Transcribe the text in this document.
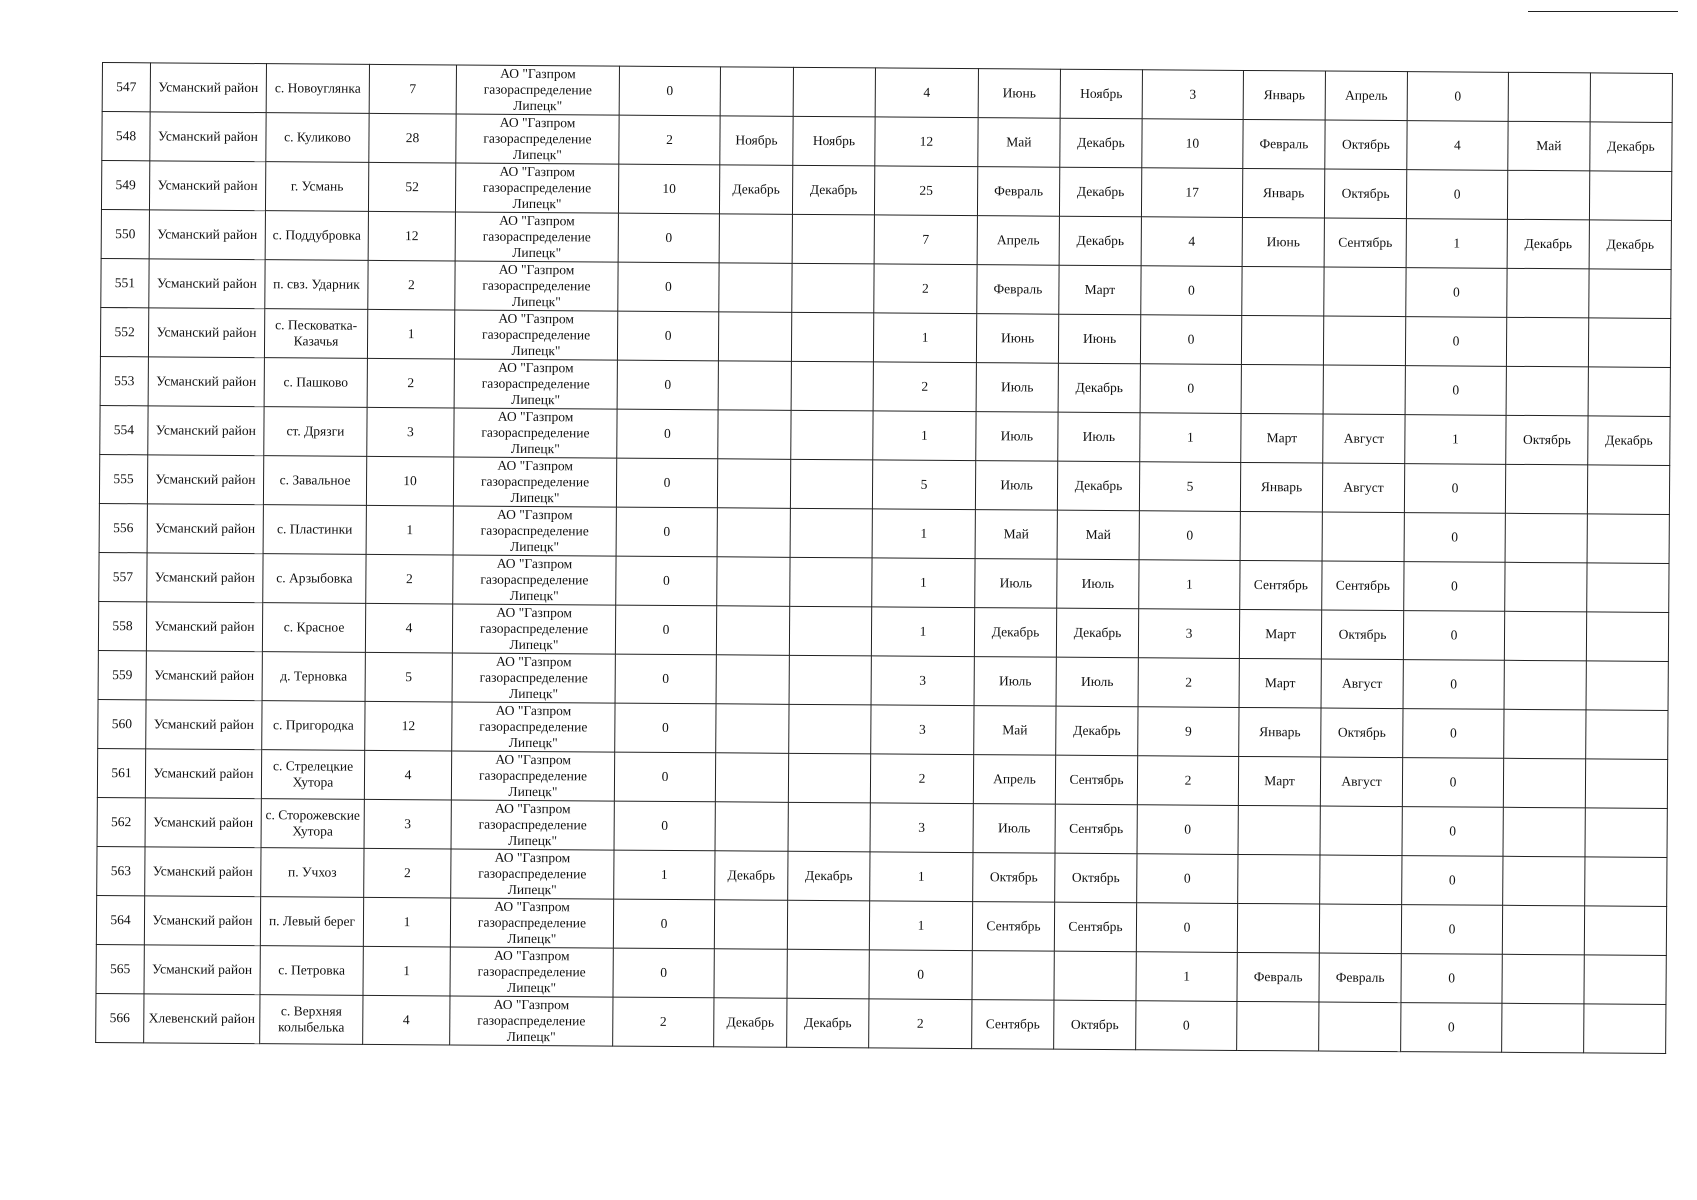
547	Усманский район	с. Новоуглянка	7	АО "Газпром газораспределение Липецк"	0			4	Июнь	Ноябрь	3	Январь	Апрель	0		
548	Усманский район	с. Куликово	28	АО "Газпром газораспределение Липецк"	2	Ноябрь	Ноябрь	12	Май	Декабрь	10	Февраль	Октябрь	4	Май	Декабрь
549	Усманский район	г. Усмань	52	АО "Газпром газораспределение Липецк"	10	Декабрь	Декабрь	25	Февраль	Декабрь	17	Январь	Октябрь	0		
550	Усманский район	с. Поддубровка	12	АО "Газпром газораспределение Липецк"	0			7	Апрель	Декабрь	4	Июнь	Сентябрь	1	Декабрь	Декабрь
551	Усманский район	п. свз. Ударник	2	АО "Газпром газораспределение Липецк"	0			2	Февраль	Март	0			0		
552	Усманский район	с. Песковатка-Казачья	1	АО "Газпром газораспределение Липецк"	0			1	Июнь	Июнь	0			0		
553	Усманский район	с. Пашково	2	АО "Газпром газораспределение Липецк"	0			2	Июль	Декабрь	0			0		
554	Усманский район	ст. Дрязги	3	АО "Газпром газораспределение Липецк"	0			1	Июль	Июль	1	Март	Август	1	Октябрь	Декабрь
555	Усманский район	с. Завальное	10	АО "Газпром газораспределение Липецк"	0			5	Июль	Декабрь	5	Январь	Август	0		
556	Усманский район	с. Пластинки	1	АО "Газпром газораспределение Липецк"	0			1	Май	Май	0			0		
557	Усманский район	с. Арзыбовка	2	АО "Газпром газораспределение Липецк"	0			1	Июль	Июль	1	Сентябрь	Сентябрь	0		
558	Усманский район	с. Красное	4	АО "Газпром газораспределение Липецк"	0			1	Декабрь	Декабрь	3	Март	Октябрь	0		
559	Усманский район	д. Терновка	5	АО "Газпром газораспределение Липецк"	0			3	Июль	Июль	2	Март	Август	0		
560	Усманский район	с. Пригородка	12	АО "Газпром газораспределение Липецк"	0			3	Май	Декабрь	9	Январь	Октябрь	0		
561	Усманский район	с. Стрелецкие Хутора	4	АО "Газпром газораспределение Липецк"	0			2	Апрель	Сентябрь	2	Март	Август	0		
562	Усманский район	с. Сторожевские Хутора	3	АО "Газпром газораспределение Липецк"	0			3	Июль	Сентябрь	0			0		
563	Усманский район	п. Учхоз	2	АО "Газпром газораспределение Липецк"	1	Декабрь	Декабрь	1	Октябрь	Октябрь	0			0		
564	Усманский район	п. Левый берег	1	АО "Газпром газораспределение Липецк"	0			1	Сентябрь	Сентябрь	0			0		
565	Усманский район	с. Петровка	1	АО "Газпром газораспределение Липецк"	0			0			1	Февраль	Февраль	0		
566	Хлевенский район	с. Верхняя колыбелька	4	АО "Газпром газораспределение Липецк"	2	Декабрь	Декабрь	2	Сентябрь	Октябрь	0			0		
